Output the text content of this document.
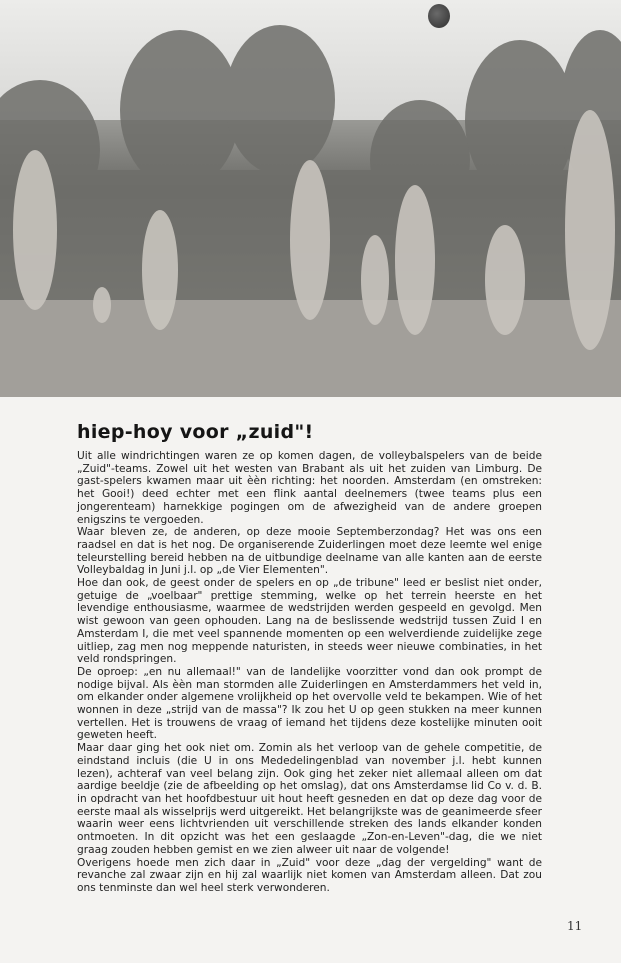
hiep-hoy voor „zuid"!

Uit alle windrichtingen waren ze op komen dagen, de volleybalspelers van de beide „Zuid"-teams. Zowel uit het westen van Brabant als uit het zuiden van Limburg. De gast-spelers kwamen maar uit èèn richting: het noorden. Amsterdam (en omstreken: het Gooi!) deed echter met een flink aantal deelnemers (twee teams plus een jongerenteam) harnekkige pogingen om de afwezigheid van de andere groepen enigszins te vergoeden.

Waar bleven ze, de anderen, op deze mooie Septemberzondag? Het was ons een raadsel en dat is het nog. De organiserende Zuiderlingen moet deze leemte wel enige teleurstelling bereid hebben na de uitbundige deelname van alle kanten aan de eerste Volleybaldag in Juni j.l. op „de Vier Elementen".

Hoe dan ook, de geest onder de spelers en op „de tribune" leed er beslist niet onder, getuige de „voelbaar" prettige stemming, welke op het terrein heerste en het levendige enthousiasme, waarmee de wedstrijden werden gespeeld en gevolgd. Men wist gewoon van geen ophouden. Lang na de beslissende wedstrijd tussen Zuid I en Amsterdam I, die met veel spannende momenten op een welverdiende zuidelijke zege uitliep, zag men nog meppende naturisten, in steeds weer nieuwe combinaties, in het veld rondspringen.

De oproep: „en nu allemaal!" van de landelijke voorzitter vond dan ook prompt de nodige bijval. Als èèn man stormden alle Zuiderlingen en Amsterdammers het veld in, om elkander onder algemene vrolijkheid op het overvolle veld te bekampen. Wie of het wonnen in deze „strijd van de massa"? Ik zou het U op geen stukken na meer kunnen vertellen. Het is trouwens de vraag of iemand het tijdens deze kostelijke minuten ooit geweten heeft.

Maar daar ging het ook niet om. Zomin als het verloop van de gehele competitie, de eindstand incluis (die U in ons Mededelingenblad van november j.l. hebt kunnen lezen), achteraf van veel belang zijn. Ook ging het zeker niet allemaal alleen om dat aardige beeldje (zie de afbeelding op het omslag), dat ons Amsterdamse lid Co v. d. B. in opdracht van het hoofdbestuur uit hout heeft gesneden en dat op deze dag voor de eerste maal als wisselprijs werd uitgereikt. Het belangrijkste was de geanimeerde sfeer waarin weer eens lichtvrienden uit verschillende streken des lands elkander konden ontmoeten. In dit opzicht was het een geslaagde „Zon-en-Leven"-dag, die we niet graag zouden hebben gemist en we zien alweer uit naar de volgende!

Overigens hoede men zich daar in „Zuid" voor deze „dag der vergelding" want de revanche zal zwaar zijn en hij zal waarlijk niet komen van Amsterdam alleen. Dat zou ons tenminste dan wel heel sterk verwonderen.

11
